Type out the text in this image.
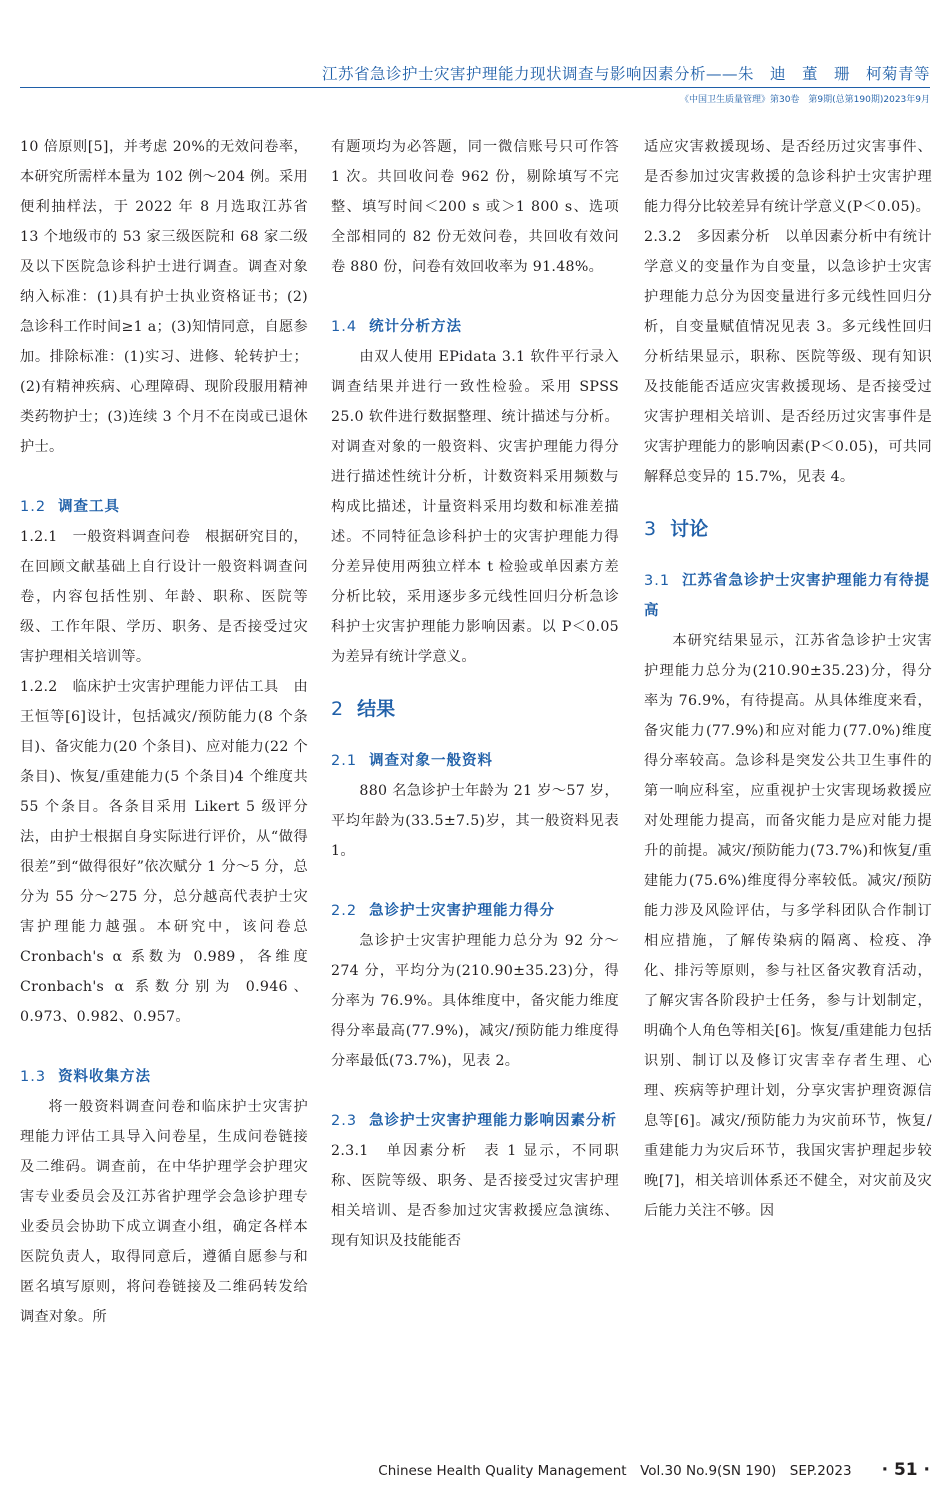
江苏省急诊护士灾害护理能力现状调查与影响因素分析——朱　迪　董　珊　柯菊青等
《中国卫生质量管理》第30卷　第9期(总第190期)2023年9月

10 倍原则[5]，并考虑 20%的无效问卷率，本研究所需样本量为 102 例～204 例。采用便利抽样法，于 2022 年 8 月选取江苏省 13 个地级市的 53 家三级医院和 68 家二级及以下医院急诊科护士进行调查。调查对象纳入标准：(1)具有护士执业资格证书；(2)急诊科工作时间≥1 a；(3)知情同意，自愿参加。排除标准：(1)实习、进修、轮转护士；(2)有精神疾病、心理障碍、现阶段服用精神类药物护士；(3)连续 3 个月不在岗或已退休护士。

1.2 调查工具

1.2.1　一般资料调查问卷　根据研究目的，在回顾文献基础上自行设计一般资料调查问卷，内容包括性别、年龄、职称、医院等级、工作年限、学历、职务、是否接受过灾害护理相关培训等。

1.2.2　临床护士灾害护理能力评估工具　由王恒等[6]设计，包括减灾/预防能力(8 个条目)、备灾能力(20 个条目)、应对能力(22 个条目)、恢复/重建能力(5 个条目)4 个维度共 55 个条目。各条目采用 Likert 5 级评分法，由护士根据自身实际进行评价，从“做得很差”到“做得很好”依次赋分 1 分～5 分，总分为 55 分～275 分，总分越高代表护士灾害护理能力越强。本研究中，该问卷总 Cronbach's α 系数为 0.989，各维度 Cronbach's α 系数分别为 0.946、0.973、0.982、0.957。

1.3 资料收集方法

将一般资料调查问卷和临床护士灾害护理能力评估工具导入问卷星，生成问卷链接及二维码。调查前，在中华护理学会护理灾害专业委员会及江苏省护理学会急诊护理专业委员会协助下成立调查小组，确定各样本医院负责人，取得同意后，遵循自愿参与和匿名填写原则，将问卷链接及二维码转发给调查对象。所

有题项均为必答题，同一微信账号只可作答 1 次。共回收问卷 962 份，剔除填写不完整、填写时间＜200 s 或＞1 800 s、选项全部相同的 82 份无效问卷，共回收有效问卷 880 份，问卷有效回收率为 91.48%。

1.4 统计分析方法

由双人使用 EPidata 3.1 软件平行录入调查结果并进行一致性检验。采用 SPSS 25.0 软件进行数据整理、统计描述与分析。对调查对象的一般资料、灾害护理能力得分进行描述性统计分析，计数资料采用频数与构成比描述，计量资料采用均数和标准差描述。不同特征急诊科护士的灾害护理能力得分差异使用两独立样本 t 检验或单因素方差分析比较，采用逐步多元线性回归分析急诊科护士灾害护理能力影响因素。以 P＜0.05为差异有统计学意义。

2 结果
2.1 调查对象一般资料

880 名急诊护士年龄为 21 岁～57 岁，平均年龄为(33.5±7.5)岁，其一般资料见表 1。

2.2 急诊护士灾害护理能力得分

急诊护士灾害护理能力总分为 92 分～274 分，平均分为(210.90±35.23)分，得分率为 76.9%。具体维度中，备灾能力维度得分率最高(77.9%)，减灾/预防能力维度得分率最低(73.7%)，见表 2。

2.3 急诊护士灾害护理能力影响因素分析

2.3.1　单因素分析　表 1 显示，不同职称、医院等级、职务、是否接受过灾害护理相关培训、是否参加过灾害救援应急演练、现有知识及技能能否

适应灾害救援现场、是否经历过灾害事件、是否参加过灾害救援的急诊科护士灾害护理能力得分比较差异有统计学意义(P＜0.05)。

2.3.2　多因素分析　以单因素分析中有统计学意义的变量作为自变量，以急诊护士灾害护理能力总分为因变量进行多元线性回归分析，自变量赋值情况见表 3。多元线性回归分析结果显示，职称、医院等级、现有知识及技能能否适应灾害救援现场、是否接受过灾害护理相关培训、是否经历过灾害事件是灾害护理能力的影响因素(P＜0.05)，可共同解释总变异的 15.7%，见表 4。

3 讨论
3.1 江苏省急诊护士灾害护理能力有待提高

本研究结果显示，江苏省急诊护士灾害护理能力总分为(210.90±35.23)分，得分率为 76.9%，有待提高。从具体维度来看，备灾能力(77.9%)和应对能力(77.0%)维度得分率较高。急诊科是突发公共卫生事件的第一响应科室，应重视护士灾害现场救援应对处理能力提高，而备灾能力是应对能力提升的前提。减灾/预防能力(73.7%)和恢复/重建能力(75.6%)维度得分率较低。减灾/预防能力涉及风险评估，与多学科团队合作制订相应措施，了解传染病的隔离、检疫、净化、排污等原则，参与社区备灾教育活动，了解灾害各阶段护士任务，参与计划制定，明确个人角色等相关[6]。恢复/重建能力包括识别、制订以及修订灾害幸存者生理、心理、疾病等护理计划，分享灾害护理资源信息等[6]。减灾/预防能力为灾前环节，恢复/重建能力为灾后环节，我国灾害护理起步较晚[7]，相关培训体系还不健全，对灾前及灾后能力关注不够。因

Chinese Health Quality Management　Vol.30 No.9(SN 190)　SEP.2023 · 51 ·
